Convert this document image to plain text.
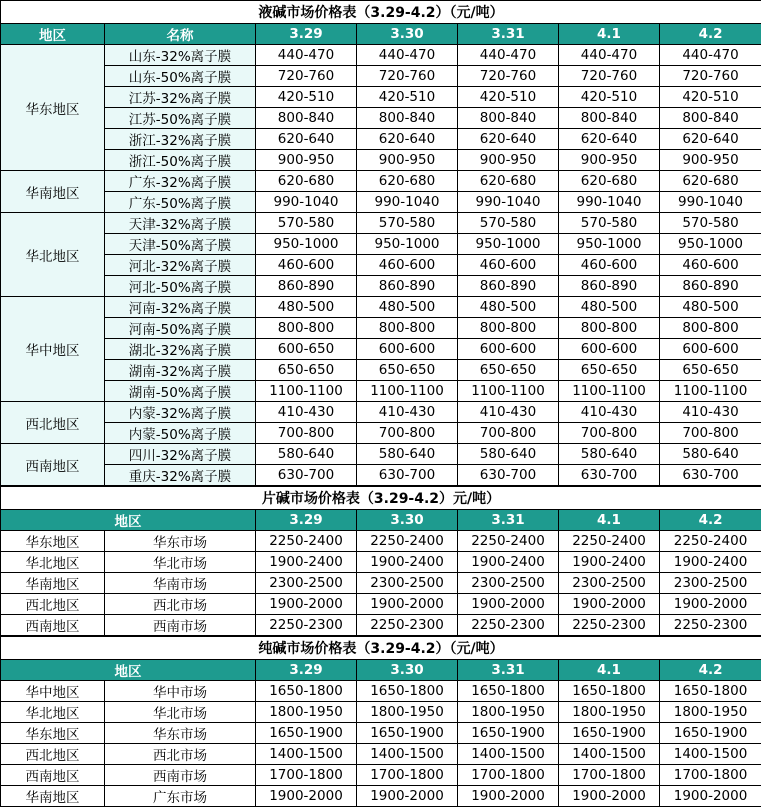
液碱市场价格表（3.29-4.2）（元/吨）						
地区	名称	3.29	3.30	3.31	4.1	4.2
华东地区	山东-32%离子膜	440-470	440-470	440-470	440-470	440-470
	山东-50%离子膜	720-760	720-760	720-760	720-760	720-760
	江苏-32%离子膜	420-510	420-510	420-510	420-510	420-510
	江苏-50%离子膜	800-840	800-840	800-840	800-840	800-840
	浙江-32%离子膜	620-640	620-640	620-640	620-640	620-640
	浙江-50%离子膜	900-950	900-950	900-950	900-950	900-950
华南地区	广东-32%离子膜	620-680	620-680	620-680	620-680	620-680
	广东-50%离子膜	990-1040	990-1040	990-1040	990-1040	990-1040
华北地区	天津-32%离子膜	570-580	570-580	570-580	570-580	570-580
	天津-50%离子膜	950-1000	950-1000	950-1000	950-1000	950-1000
	河北-32%离子膜	460-600	460-600	460-600	460-600	460-600
	河北-50%离子膜	860-890	860-890	860-890	860-890	860-890
华中地区	河南-32%离子膜	480-500	480-500	480-500	480-500	480-500
	河南-50%离子膜	800-800	800-800	800-800	800-800	800-800
	湖北-32%离子膜	600-650	600-600	600-600	600-600	600-600
	湖南-32%离子膜	650-650	650-650	650-650	650-650	650-650
	湖南-50%离子膜	1100-1100	1100-1100	1100-1100	1100-1100	1100-1100
西北地区	内蒙-32%离子膜	410-430	410-430	410-430	410-430	410-430
	内蒙-50%离子膜	700-800	700-800	700-800	700-800	700-800
西南地区	四川-32%离子膜	580-640	580-640	580-640	580-640	580-640
	重庆-32%离子膜	630-700	630-700	630-700	630-700	630-700
片碱市场价格表（3.29-4.2）元/吨）						
地区		3.29	3.30	3.31	4.1	4.2
华东地区	华东市场	2250-2400	2250-2400	2250-2400	2250-2400	2250-2400
华北地区	华北市场	1900-2400	1900-2400	1900-2400	1900-2400	1900-2400
华南地区	华南市场	2300-2500	2300-2500	2300-2500	2300-2500	2300-2500
西北地区	西北市场	1900-2000	1900-2000	1900-2000	1900-2000	1900-2000
西南地区	西南市场	2250-2300	2250-2300	2250-2300	2250-2300	2250-2300
纯碱市场价格表（3.29-4.2）（元/吨）						
地区		3.29	3.30	3.31	4.1	4.2
华中地区	华中市场	1650-1800	1650-1800	1650-1800	1650-1800	1650-1800
华北地区	华北市场	1800-1950	1800-1950	1800-1950	1800-1950	1800-1950
华东地区	华东市场	1650-1900	1650-1900	1650-1900	1650-1900	1650-1900
西北地区	西北市场	1400-1500	1400-1500	1400-1500	1400-1500	1400-1500
西南地区	西南市场	1700-1800	1700-1800	1700-1800	1700-1800	1700-1800
华南地区	广东市场	1900-2000	1900-2000	1900-2000	1900-2000	1900-2000
